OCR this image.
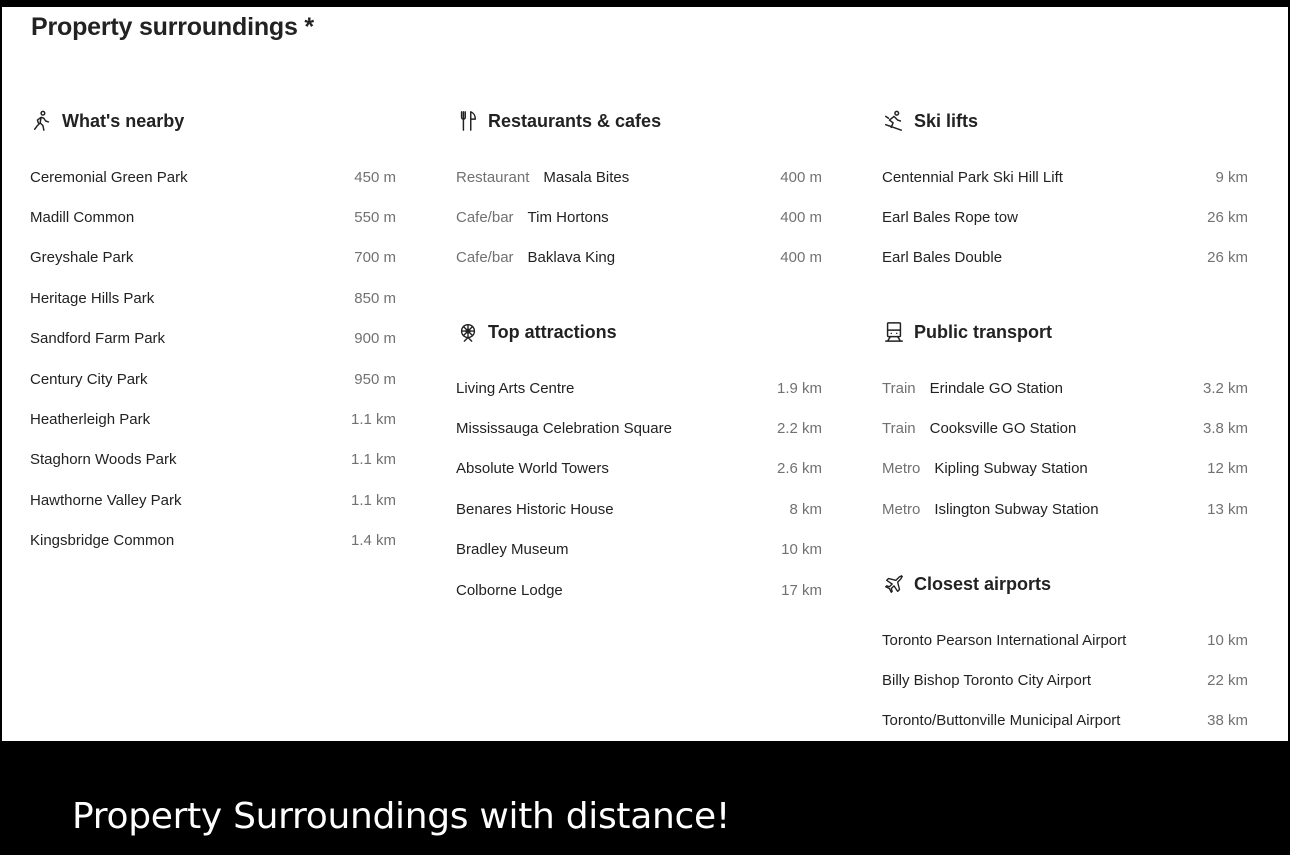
Property surroundings *
What's nearby
Ceremonial Green Park	450 m
Madill Common	550 m
Greyshale Park	700 m
Heritage Hills Park	850 m
Sandford Farm Park	900 m
Century City Park	950 m
Heatherleigh Park	1.1 km
Staghorn Woods Park	1.1 km
Hawthorne Valley Park	1.1 km
Kingsbridge Common	1.4 km
Restaurants & cafes
Restaurant Masala Bites	400 m
Cafe/bar Tim Hortons	400 m
Cafe/bar Baklava King	400 m
Top attractions
Living Arts Centre	1.9 km
Mississauga Celebration Square	2.2 km
Absolute World Towers	2.6 km
Benares Historic House	8 km
Bradley Museum	10 km
Colborne Lodge	17 km
Ski lifts
Centennial Park Ski Hill Lift	9 km
Earl Bales Rope tow	26 km
Earl Bales Double	26 km
Public transport
Train Erindale GO Station	3.2 km
Train Cooksville GO Station	3.8 km
Metro Kipling Subway Station	12 km
Metro Islington Subway Station	13 km
Closest airports
Toronto Pearson International Airport	10 km
Billy Bishop Toronto City Airport	22 km
Toronto/Buttonville Municipal Airport	38 km

Property Surroundings with distance!
